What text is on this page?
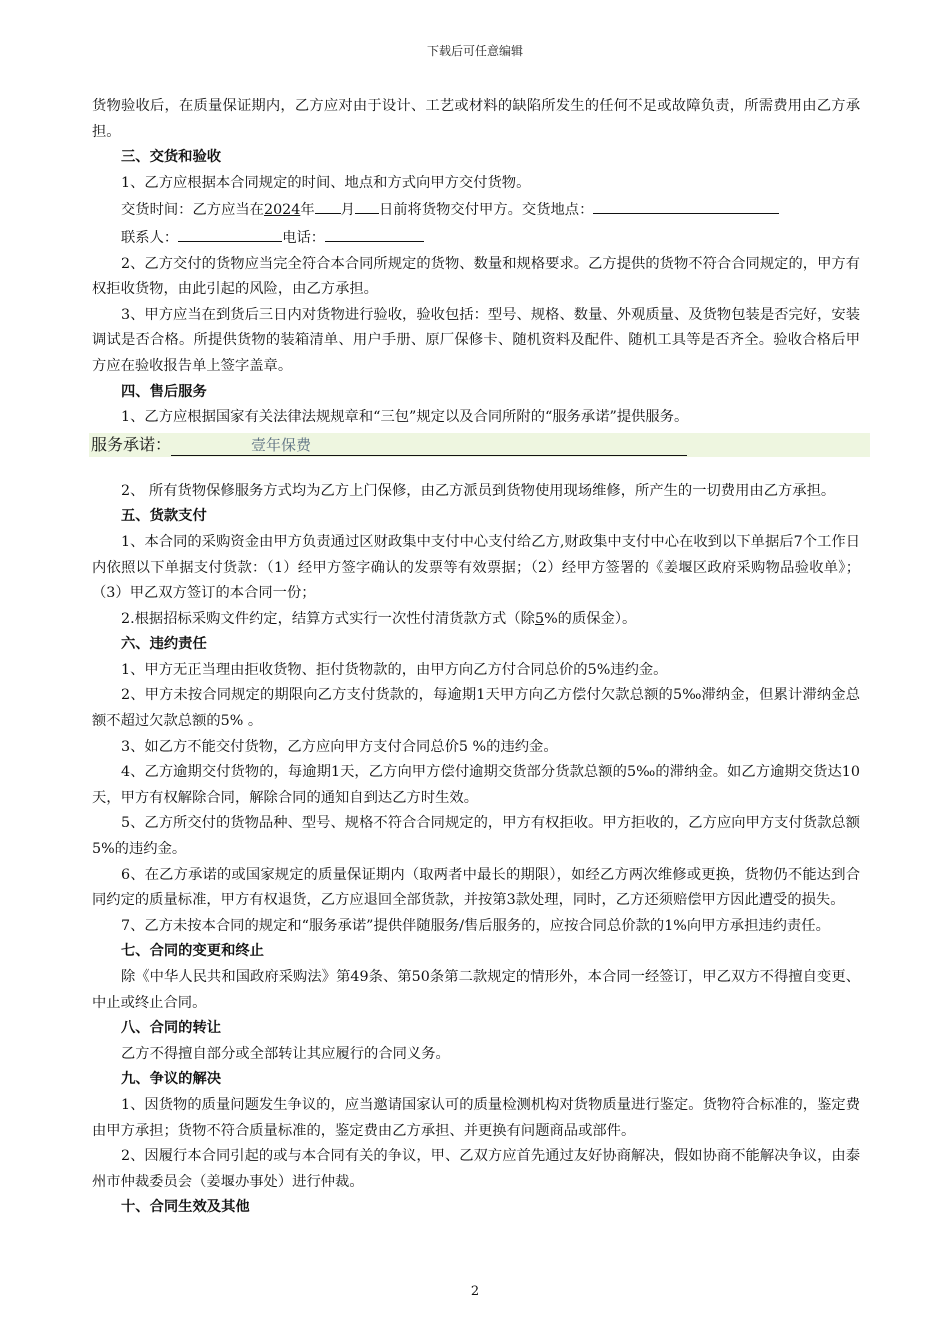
下载后可任意编辑

货物验收后，在质量保证期内，乙方应对由于设计、工艺或材料的缺陷所发生的任何不足或故障负责，所需费用由乙方承担。

三、交货和验收

1、乙方应根据本合同规定的时间、地点和方式向甲方交付货物。

交货时间：乙方应当在2024年 月 日前将货物交付甲方。交货地点：

联系人：	电话：

2、乙方交付的货物应当完全符合本合同所规定的货物、数量和规格要求。乙方提供的货物不符合合同规定的，甲方有权拒收货物，由此引起的风险，由乙方承担。

3、甲方应当在到货后三日内对货物进行验收，验收包括：型号、规格、数量、外观质量、及货物包装是否完好，安装调试是否合格。所提供货物的装箱清单、用户手册、原厂保修卡、随机资料及配件、随机工具等是否齐全。验收合格后甲方应在验收报告单上签字盖章。

四、售后服务

1、乙方应根据国家有关法律法规规章和“三包”规定以及合同所附的“服务承诺”提供服务。

服务承诺：	壹年保费

2、 所有货物保修服务方式均为乙方上门保修，由乙方派员到货物使用现场维修，所产生的一切费用由乙方承担。

五、货款支付

1、本合同的采购资金由甲方负责通过区财政集中支付中心支付给乙方,财政集中支付中心在收到以下单据后7个工作日内依照以下单据支付货款：（1）经甲方签字确认的发票等有效票据；（2）经甲方签署的《姜堰区政府采购物品验收单》；（3）甲乙双方签订的本合同一份；

2.根据招标采购文件约定，结算方式实行一次性付清货款方式（除5%的质保金）。

六、违约责任

1、甲方无正当理由拒收货物、拒付货物款的，由甲方向乙方付合同总价的5%违约金。

2、甲方未按合同规定的期限向乙方支付货款的，每逾期1天甲方向乙方偿付欠款总额的5‰滞纳金，但累计滞纳金总额不超过欠款总额的5% 。

3、如乙方不能交付货物，乙方应向甲方支付合同总价5 %的违约金。

4、乙方逾期交付货物的，每逾期1天，乙方向甲方偿付逾期交货部分货款总额的5‰的滞纳金。如乙方逾期交货达10天，甲方有权解除合同，解除合同的通知自到达乙方时生效。

5、乙方所交付的货物品种、型号、规格不符合合同规定的，甲方有权拒收。甲方拒收的，乙方应向甲方支付货款总额5%的违约金。

6、在乙方承诺的或国家规定的质量保证期内（取两者中最长的期限），如经乙方两次维修或更换，货物仍不能达到合同约定的质量标准，甲方有权退货，乙方应退回全部货款，并按第3款处理，同时，乙方还须赔偿甲方因此遭受的损失。

7、乙方未按本合同的规定和“服务承诺”提供伴随服务/售后服务的，应按合同总价款的1%向甲方承担违约责任。

七、合同的变更和终止

除《中华人民共和国政府采购法》第49条、第50条第二款规定的情形外，本合同一经签订，甲乙双方不得擅自变更、中止或终止合同。

八、合同的转让

乙方不得擅自部分或全部转让其应履行的合同义务。

九、争议的解决

1、因货物的质量问题发生争议的，应当邀请国家认可的质量检测机构对货物质量进行鉴定。货物符合标准的，鉴定费由甲方承担；货物不符合质量标准的，鉴定费由乙方承担、并更换有问题商品或部件。

2、因履行本合同引起的或与本合同有关的争议，甲、乙双方应首先通过友好协商解决，假如协商不能解决争议，由泰州市仲裁委员会（姜堰办事处）进行仲裁。

十、合同生效及其他

2
